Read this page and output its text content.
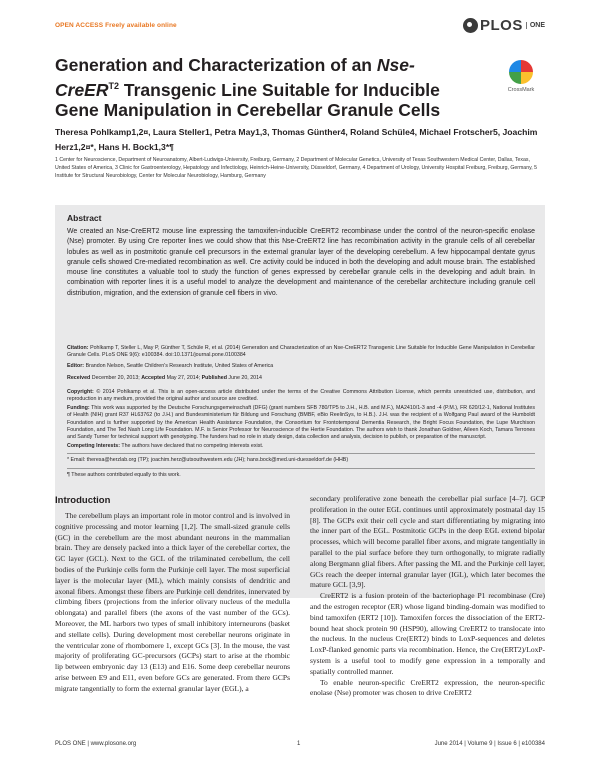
OPEN ACCESS Freely available online	PLOS	ONE
Generation and Characterization of an Nse-CreER$^{T2}$ Transgenic Line Suitable for Inducible Gene Manipulation in Cerebellar Granule Cells
CrossMark
Theresa Pohlkamp1,2¤, Laura Steller1, Petra May1,3, Thomas Günther4, Roland Schüle4, Michael Frotscher5, Joachim Herz1,2¤*, Hans H. Bock1,3*¶
1 Center for Neuroscience, Department of Neuroanatomy, Albert-Ludwigs-University, Freiburg, Germany, 2 Department of Molecular Genetics, University of Texas Southwestern Medical Center, Dallas, Texas, United States of America, 3 Clinic for Gastroenterology, Hepatology and Infectiology, Heinrich-Heine-University, Düsseldorf, Germany, 4 Department of Urology, University Hospital Freiburg, Freiburg, Germany, 5 Institute for Structural Neurobiology, Center for Molecular Neurobiology, Hamburg, Germany
Abstract
We created an Nse-CreERT2 mouse line expressing the tamoxifen-inducible CreERT2 recombinase under the control of the neuron-specific enolase (Nse) promoter. By using Cre reporter lines we could show that this Nse-CreERT2 line has recombination activity in the granule cells of all cerebellar lobules as well as in postmitotic granule cell precursors in the external granular layer of the developing cerebellum. A few hippocampal dentate gyrus granule cells showed Cre-mediated recombination as well. Cre activity could be induced in both the developing and adult mouse brain. The established mouse line constitutes a valuable tool to study the function of genes expressed by cerebellar granule cells in the developing and adult brain. In combination with reporter lines it is a useful model to analyze the development and maintenance of the cerebellar architecture including granule cell distribution, migration, and the extension of granule cell fibers in vivo.
Citation: Pohlkamp T, Steller L, May P, Günther T, Schüle R, et al. (2014) Generation and Characterization of an Nse-CreERT2 Transgenic Line Suitable for Inducible Gene Manipulation in Cerebellar Granule Cells. PLoS ONE 9(6): e100384. doi:10.1371/journal.pone.0100384
Editor: Brandon Nelson, Seattle Children's Research Institute, United States of America
Received December 20, 2013; Accepted May 27, 2014; Published June 20, 2014
Copyright: © 2014 Pohlkamp et al. This is an open-access article distributed under the terms of the Creative Commons Attribution License, which permits unrestricted use, distribution, and reproduction in any medium, provided the original author and source are credited.
Funding: This work was supported by the Deutsche Forschungsgemeinschaft (DFG) (grant numbers SFB 780/TP5 to J.H., H.B. and M.F.), MA2410/1-3 and -4 (P.M.), FR 620/12-1, National Institutes of Health (NIH) grant R37 HL63762 (to J.H.) and Bundesministerium für Bildung und Forschung (BMBF, eBio ReelinSys, to H.B.). J.H. was the recipient of a Wolfgang Paul award of the Humboldt Foundation and is further supported by the American Health Assistance Foundation, the Consortium for Frontotemporal Dementia Research, the Bright Focus Foundation, the Lupe Murchison Foundation, and The Ted Nash Long Life Foundation. M.F. is Senior Professor for Neuroscience of the Hertie Foundation. The authors wish to thank Jonathan Goldner, Aileen Koch, Tamara Terrones and Sandy Turner for technical support with genotyping. The funders had no role in study design, data collection and analysis, decision to publish, or preparation of the manuscript.
Competing Interests: The authors have declared that no competing interests exist.
* Email: theresa@herzlab.org (TP); joachim.herz@utsouthwestern.edu (JH); hans.bock@med.uni-duesseldorf.de (HHB)
¶ These authors contributed equally to this work.
Introduction

The cerebellum plays an important role in motor control and is involved in cognitive processing and motor learning [1,2]. The small-sized granule cells (GC) in the cerebellum are the most abundant neurons in the mammalian brain. They are densely packed into a thick layer of the cerebellar cortex, the GC layer (GCL). Next to the GCL of the trilaminated cerebellum, the cell bodies of the Purkinje cells form the Purkinje cell layer. The most superficial layer is the molecular layer (ML), which mainly consists of dendritic and axonal fibers. Amongst these fibers are Purkinje cell dendrites, innervated by climbing fibers (projections from the inferior olivary nucleus of the medulla oblongata) and parallel fibers (the axons of the vast number of the GCs). Moreover, the ML harbors two types of small inhibitory interneurons (basket and stellate cells). During development most cerebellar neurons originate in the ventricular zone of rhombomere 1, except GCs [3]. In the mouse, the vast majority of proliferating GC-precursors (GCPs) start to arise at the rhombic lip between embryonic day 13 (E13) and E16. Some deep cerebellar neurons arise between E9 and E11, even before GCs are generated. From there GCPs migrate tangentially to form the external granular layer (EGL), a

secondary proliferative zone beneath the cerebellar pial surface [4–7]. GCP proliferation in the outer EGL continues until approximately postnatal day 15 [8]. The GCPs exit their cell cycle and start differentiating by migrating into the inner part of the EGL. Postmitotic GCPs in the deep EGL extend bipolar processes, which will become parallel fiber axons, and migrate tangentially in parallel to the pial surface before they turn orthogonally, to migrate radially along Bergmann glial fibers. After passing the ML and the Purkinje cell layer, GCs reach the deeper internal granular layer (IGL), which later becomes the mature GCL [3,9].

CreERT2 is a fusion protein of the bacteriophage P1 recombinase (Cre) and the estrogen receptor (ER) whose ligand binding-domain was modified to bind tamoxifen (ERT2 [10]). Tamoxifen forces the dissociation of the ERT2-bound heat shock protein 90 (HSP90), allowing CreERT2 to translocate into the nucleus. In the nucleus Cre(ERT2) binds to LoxP-sequences and deletes LoxP-flanked genomic parts via recombination. Hence, the Cre(ERT2)/LoxP-system is a useful tool to modify gene expression in a temporally and spatially controlled manner.

To enable neuron-specific CreERT2 expression, the neuron-specific enolase (Nse) promoter was chosen to drive CreERT2

PLOS ONE | www.plosone.org	1	June 2014 | Volume 9 | Issue 6 | e100384
